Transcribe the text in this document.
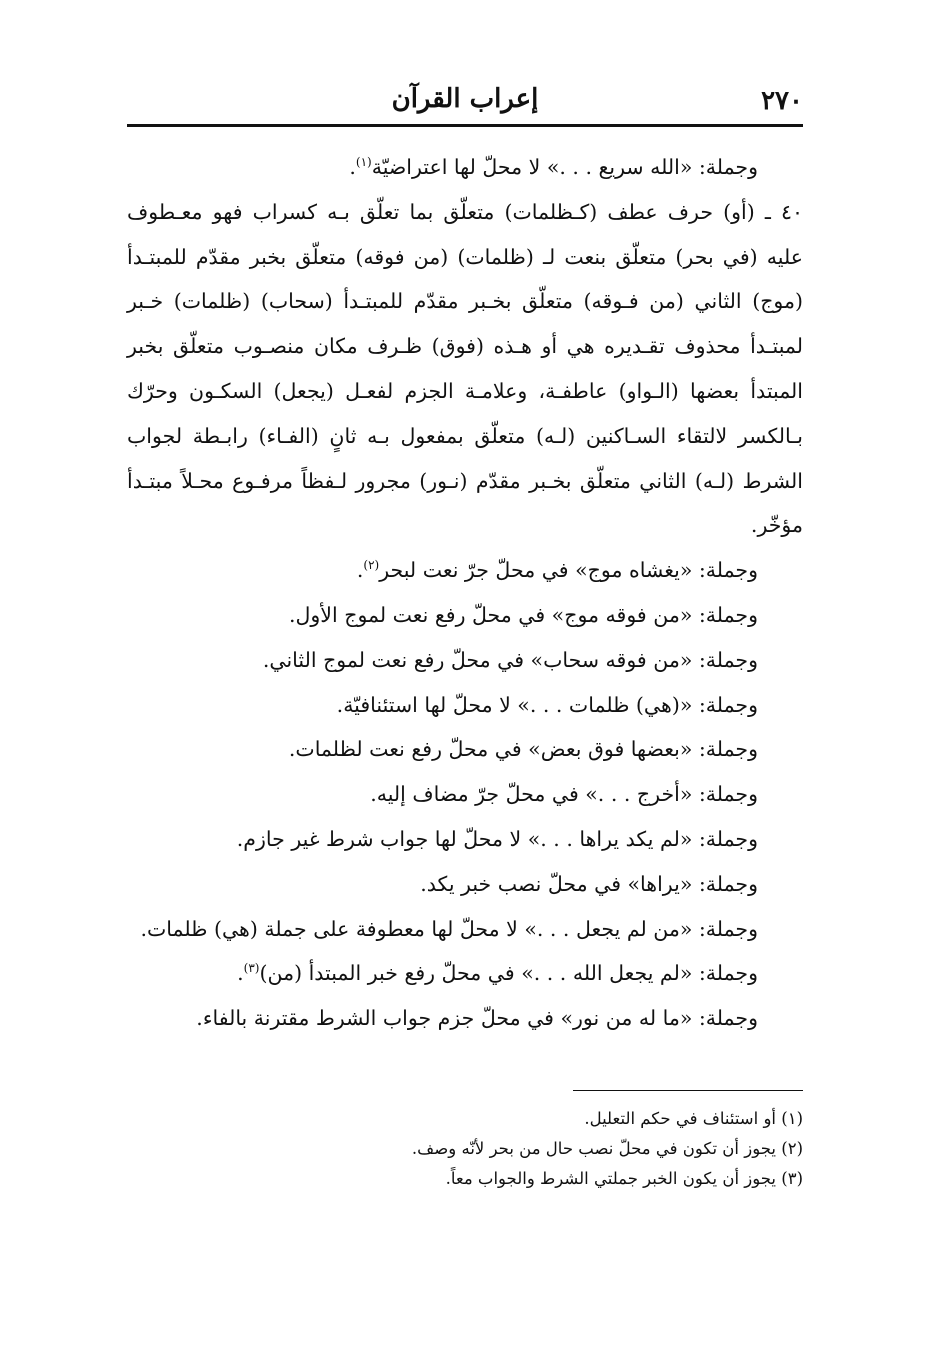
٢٧٠

إعراب القرآن

وجملة: «الله سريع . . .» لا محلّ لها اعتراضيّة$^{(١)}$.

٤٠ ـ (أو) حرف عطف (كـظلمات) متعلّق بما تعلّق بـه كسراب فهو معـطوف

عليه (في بحر) متعلّق بنعت لـ (ظلمات) (من فوقه) متعلّق بخبر مقدّم للمبتـدأ

(موج) الثاني (من فـوقه) متعلّق بخـبر مقدّم للمبتـدأ (سحاب) (ظلمات) خـبر

لمبتـدأ محذوف تقـديره هي أو هـذه (فوق) ظـرف مكان منصـوب متعلّق بخبر

المبتدأ بعضها (الـواو) عاطفـة، وعلامـة الجزم لفعـل (يجعل) السكـون وحرّك

بـالكسر لالتقاء السـاكنين (لـه) متعلّق بمفعول بـه ثانٍ (الفـاء) رابـطة لجواب

الشرط (لـه) الثاني متعلّق بخـبر مقدّم (نـور) مجرور لـفظاً مرفـوع محـلاً مبتـدأ

مؤخّر.

وجملة: «يغشاه موج» في محلّ جرّ نعت لبحر$^{(٢)}$.

وجملة: «من فوقه موج» في محلّ رفع نعت لموج الأول.

وجملة: «من فوقه سحاب» في محلّ رفع نعت لموج الثاني.

وجملة: «(هي) ظلمات . . .» لا محلّ لها استئنافيّة.

وجملة: «بعضها فوق بعض» في محلّ رفع نعت لظلمات.

وجملة: «أخرج . . .» في محلّ جرّ مضاف إليه.

وجملة: «لم يكد يراها . . .» لا محلّ لها جواب شرط غير جازم.

وجملة: «يراها» في محلّ نصب خبر يكد.

وجملة: «من لم يجعل . . .» لا محلّ لها معطوفة على جملة (هي) ظلمات.

وجملة: «لم يجعل الله . . .» في محلّ رفع خبر المبتدأ (من)$^{(٣)}$.

وجملة: «ما له من نور» في محلّ جزم جواب الشرط مقترنة بالفاء.

(١) أو استئناف في حكم التعليل.

(٢) يجوز أن تكون في محلّ نصب حال من بحر لأنّه وصف.

(٣) يجوز أن يكون الخبر جملتي الشرط والجواب معاً.
